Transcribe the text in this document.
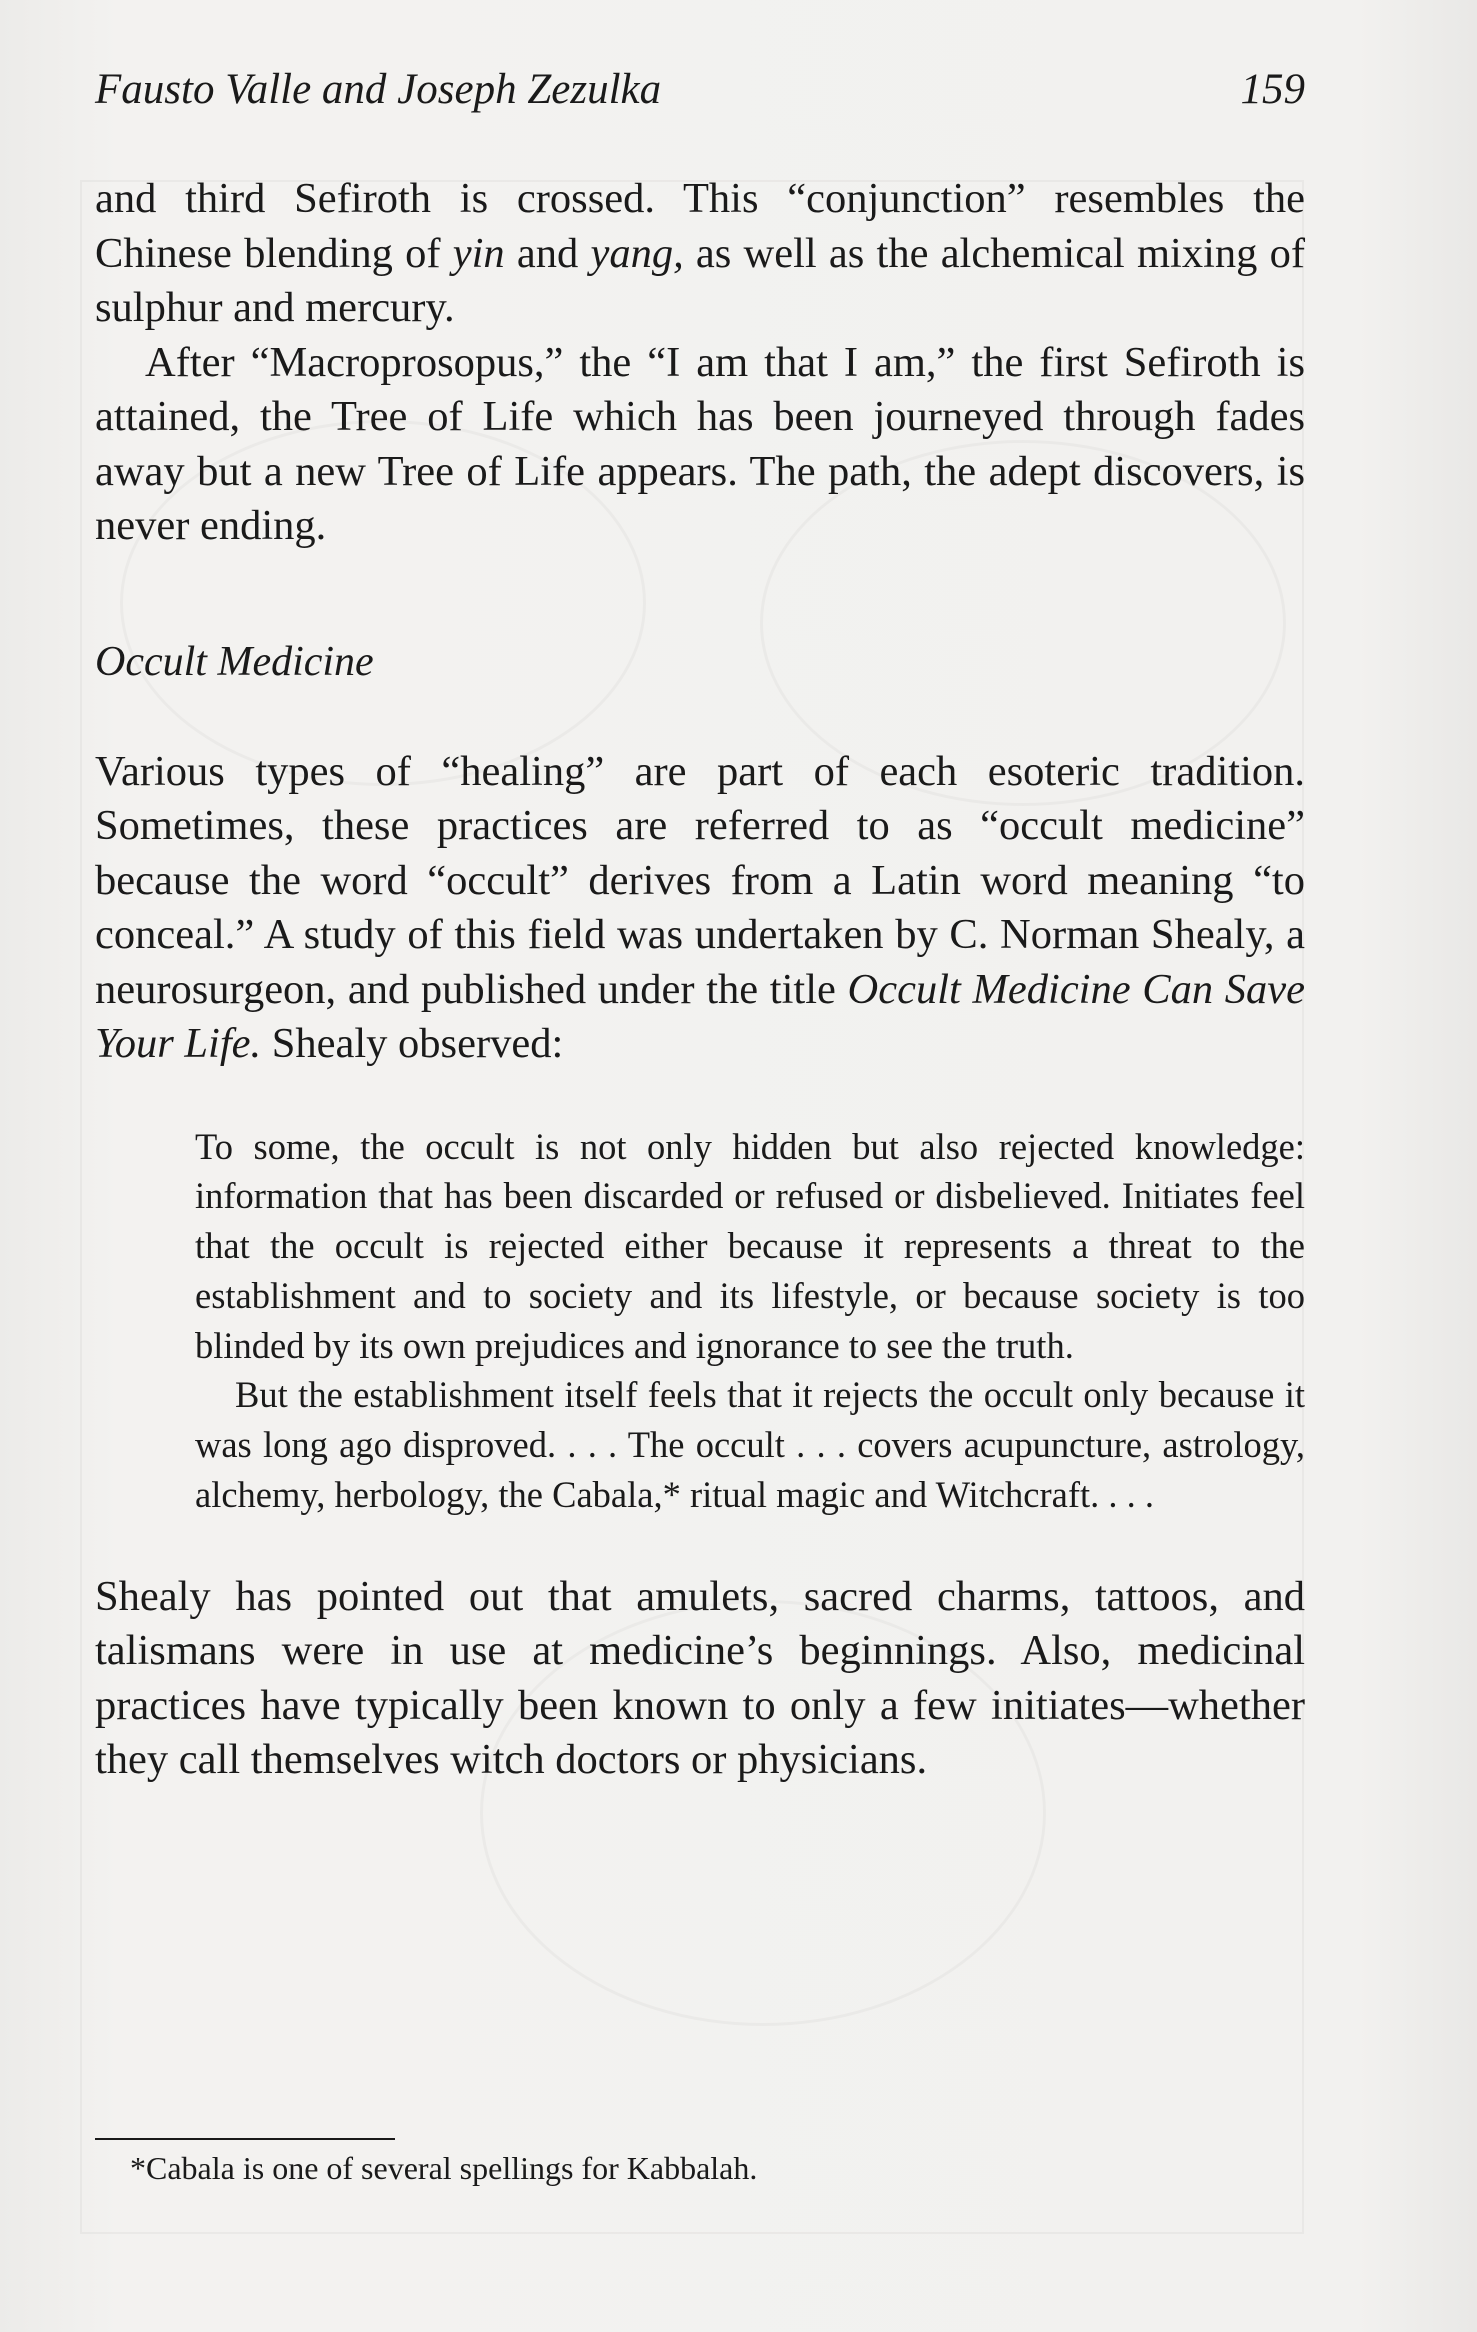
Fausto Valle and Joseph Zezulka	159

and third Sefiroth is crossed. This “conjunction” resembles the Chinese blending of yin and yang, as well as the alchemical mixing of sulphur and mercury.

After “Macroprosopus,” the “I am that I am,” the first Sefiroth is attained, the Tree of Life which has been journeyed through fades away but a new Tree of Life appears. The path, the adept discovers, is never ending.

Occult Medicine

Various types of “healing” are part of each esoteric tradition. Sometimes, these practices are referred to as “occult medicine” because the word “occult” derives from a Latin word meaning “to conceal.” A study of this field was undertaken by C. Norman Shealy, a neurosurgeon, and published under the title Occult Medicine Can Save Your Life. Shealy observed:

To some, the occult is not only hidden but also rejected knowledge: information that has been discarded or refused or disbelieved. Initiates feel that the occult is rejected either because it represents a threat to the establishment and to society and its lifestyle, or because society is too blinded by its own prejudices and ignorance to see the truth.

But the establishment itself feels that it rejects the occult only because it was long ago disproved. . . . The occult . . . covers acupuncture, astrology, alchemy, herbology, the Cabala,* ritual magic and Witchcraft. . . .

Shealy has pointed out that amulets, sacred charms, tattoos, and talismans were in use at medicine’s beginnings. Also, medicinal practices have typically been known to only a few initiates—whether they call themselves witch doctors or physicians.

*Cabala is one of several spellings for Kabbalah.
